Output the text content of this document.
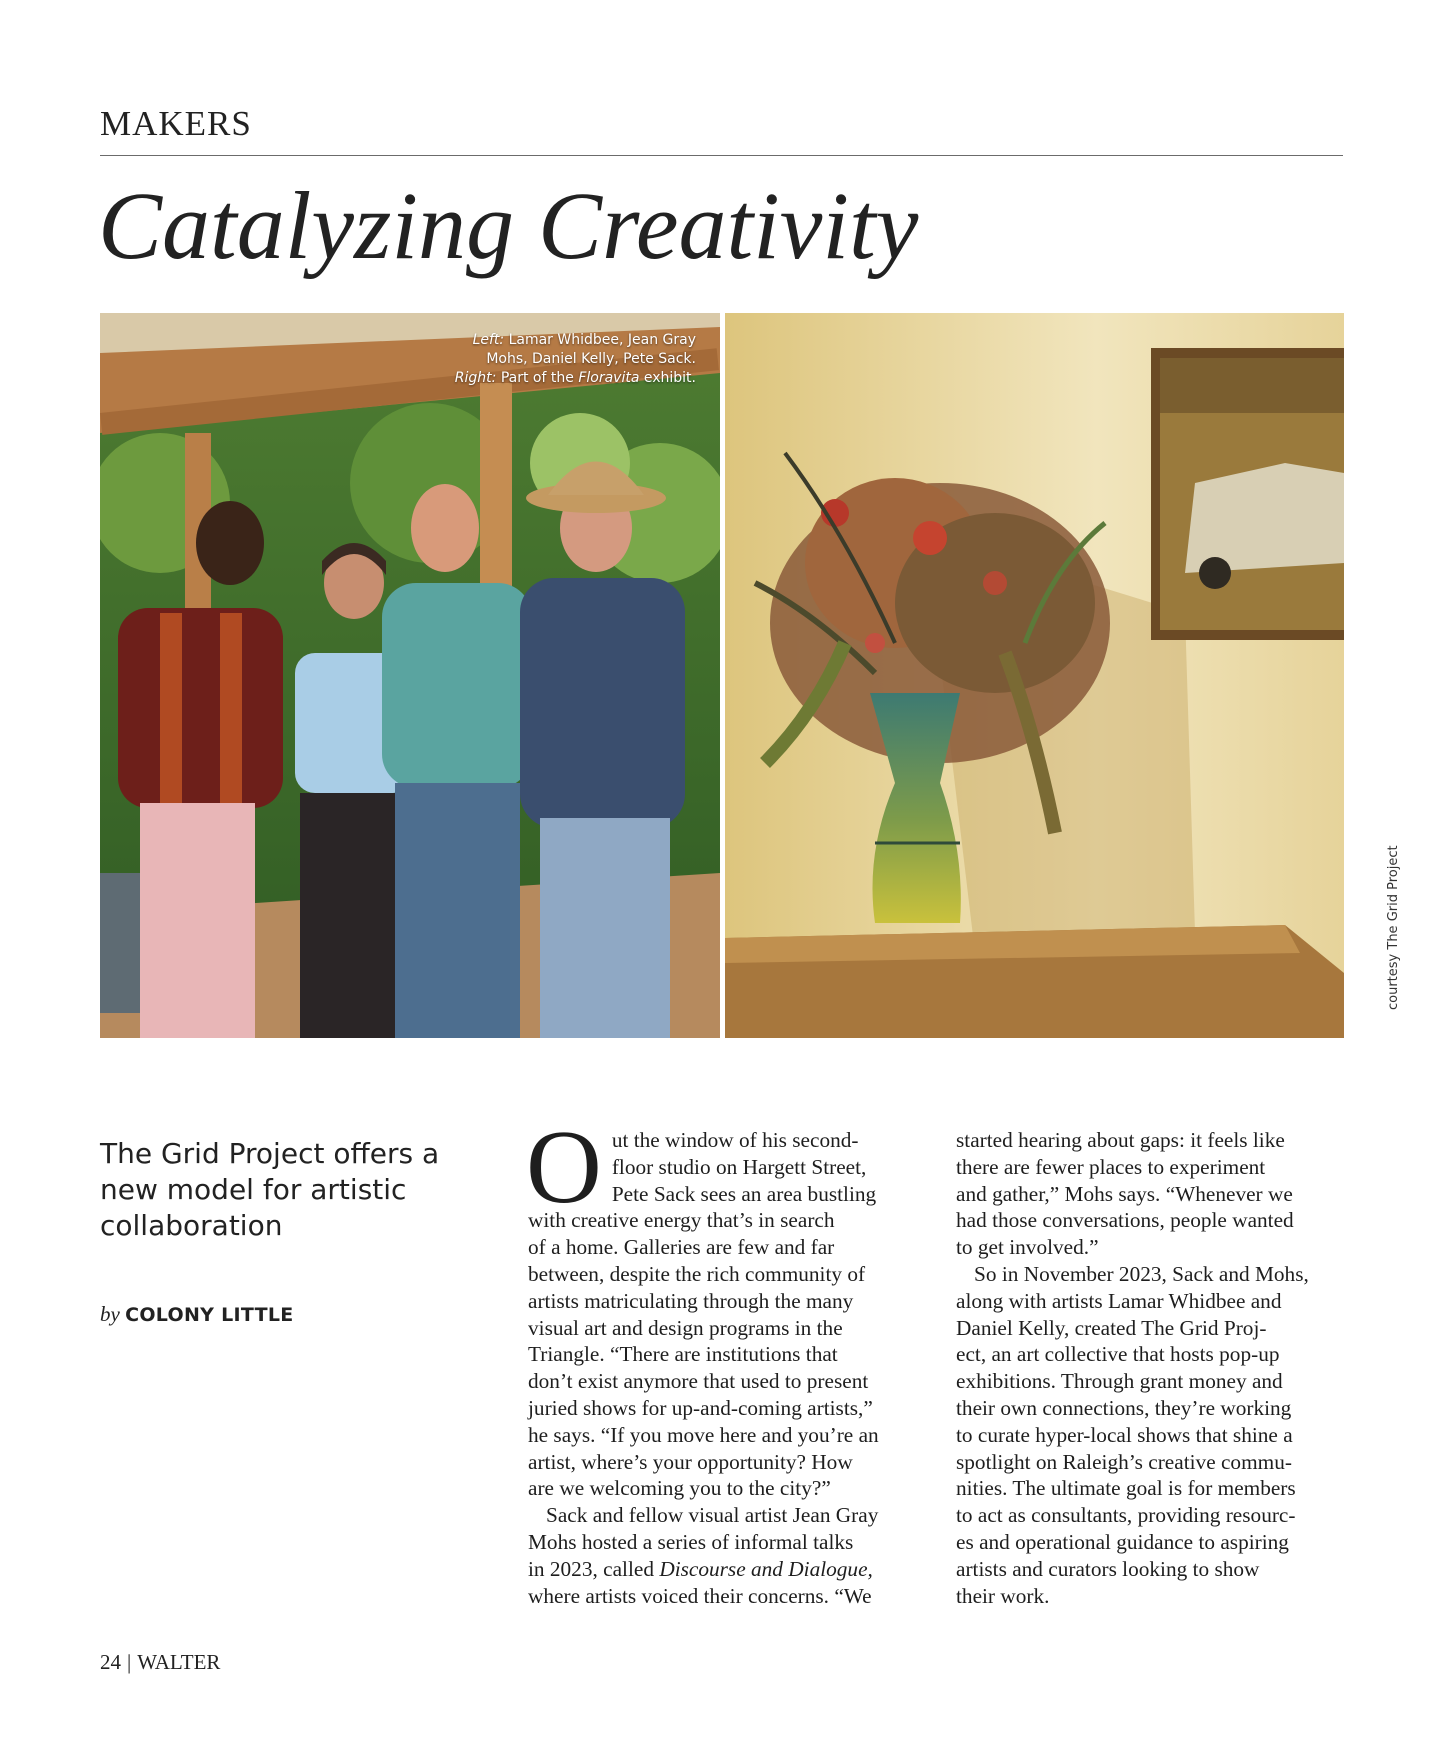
MAKERS
Catalyzing Creativity
Left: Lamar Whidbee, Jean Gray
Mohs, Daniel Kelly, Pete Sack.
Right: Part of the Floravita exhibit.
courtesy The Grid Project
The Grid Project offers a new model for artistic collaboration
by COLONY LITTLE
O ut the window of his second-

floor studio on Hargett Street,

Pete Sack sees an area bustling

with creative energy that’s in search

of a home. Galleries are few and far

between, despite the rich community of

artists matriculating through the many

visual art and design programs in the

Triangle. “There are institutions that

don’t exist anymore that used to present

juried shows for up-and-coming artists,”

he says. “If you move here and you’re an

artist, where’s your opportunity? How

are we welcoming you to the city?”

Sack and fellow visual artist Jean Gray

Mohs hosted a series of informal talks

in 2023, called Discourse and Dialogue,

where artists voiced their concerns. “We

started hearing about gaps: it feels like

there are fewer places to experiment

and gather,” Mohs says. “Whenever we

had those conversations, people wanted

to get involved.”

So in November 2023, Sack and Mohs,

along with artists Lamar Whidbee and

Daniel Kelly, created The Grid Proj-

ect, an art collective that hosts pop-up

exhibitions. Through grant money and

their own connections, they’re working

to curate hyper-local shows that shine a

spotlight on Raleigh’s creative commu-

nities. The ultimate goal is for members

to act as consultants, providing resourc-

es and operational guidance to aspiring

artists and curators looking to show

their work.

24 | WALTER
